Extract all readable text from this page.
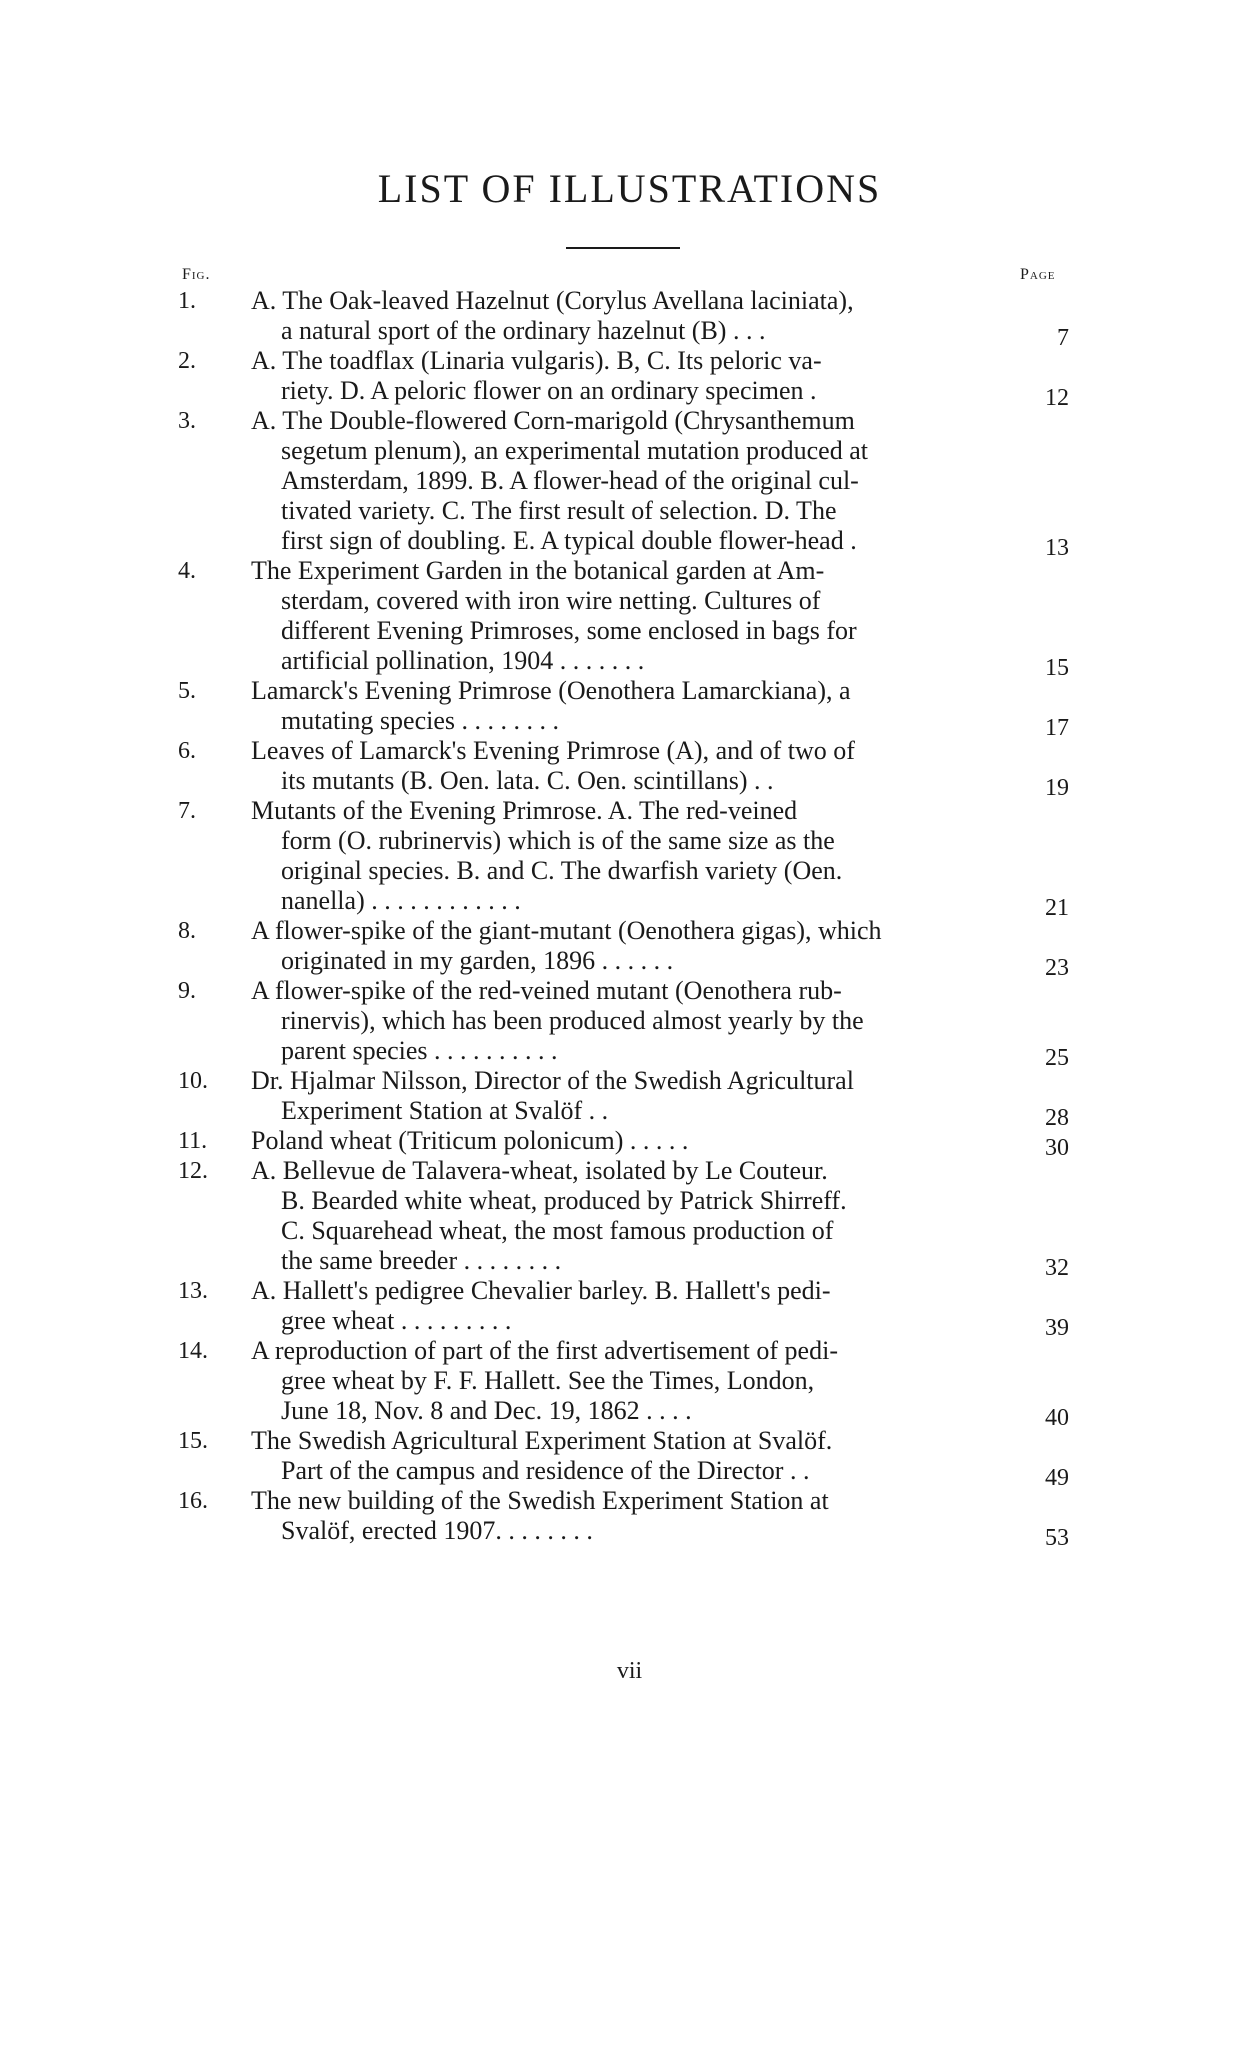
LIST OF ILLUSTRATIONS
Fig.	Page
1.	A. The Oak-leaved Hazelnut (Corylus Avellana laciniata),
a natural sport of the ordinary hazelnut (B) . . .	7
2.	A. The toadflax (Linaria vulgaris). B, C. Its peloric va-
riety. D. A peloric flower on an ordinary specimen .	12
3.	A. The Double-flowered Corn-marigold (Chrysanthemum
segetum plenum), an experimental mutation produced at
Amsterdam, 1899. B. A flower-head of the original cul-
tivated variety. C. The first result of selection. D. The
first sign of doubling. E. A typical double flower-head .	13
4.	The Experiment Garden in the botanical garden at Am-
sterdam, covered with iron wire netting. Cultures of
different Evening Primroses, some enclosed in bags for
artificial pollination, 1904 . . . . . . .	15
5.	Lamarck's Evening Primrose (Oenothera Lamarckiana), a
mutating species . . . . . . . .	17
6.	Leaves of Lamarck's Evening Primrose (A), and of two of
its mutants (B. Oen. lata. C. Oen. scintillans) . .	19
7.	Mutants of the Evening Primrose. A. The red-veined
form (O. rubrinervis) which is of the same size as the
original species. B. and C. The dwarfish variety (Oen.
nanella) . . . . . . . . . . . .	21
8.	A flower-spike of the giant-mutant (Oenothera gigas), which
originated in my garden, 1896 . . . . . .	23
9.	A flower-spike of the red-veined mutant (Oenothera rub-
rinervis), which has been produced almost yearly by the
parent species . . . . . . . . . .	25
10.	Dr. Hjalmar Nilsson, Director of the Swedish Agricultural
Experiment Station at Svalöf . .	28
11.	Poland wheat (Triticum polonicum) . . . . .	30
12.	A. Bellevue de Talavera-wheat, isolated by Le Couteur.
B. Bearded white wheat, produced by Patrick Shirreff.
C. Squarehead wheat, the most famous production of
the same breeder . . . . . . . .	32
13.	A. Hallett's pedigree Chevalier barley. B. Hallett's pedi-
gree wheat . . . . . . . . .	39
14.	A reproduction of part of the first advertisement of pedi-
gree wheat by F. F. Hallett. See the Times, London,
June 18, Nov. 8 and Dec. 19, 1862 . . . .	40
15.	The Swedish Agricultural Experiment Station at Svalöf.
Part of the campus and residence of the Director . .	49
16.	The new building of the Swedish Experiment Station at
Svalöf, erected 1907. . . . . . . .	53
vii
